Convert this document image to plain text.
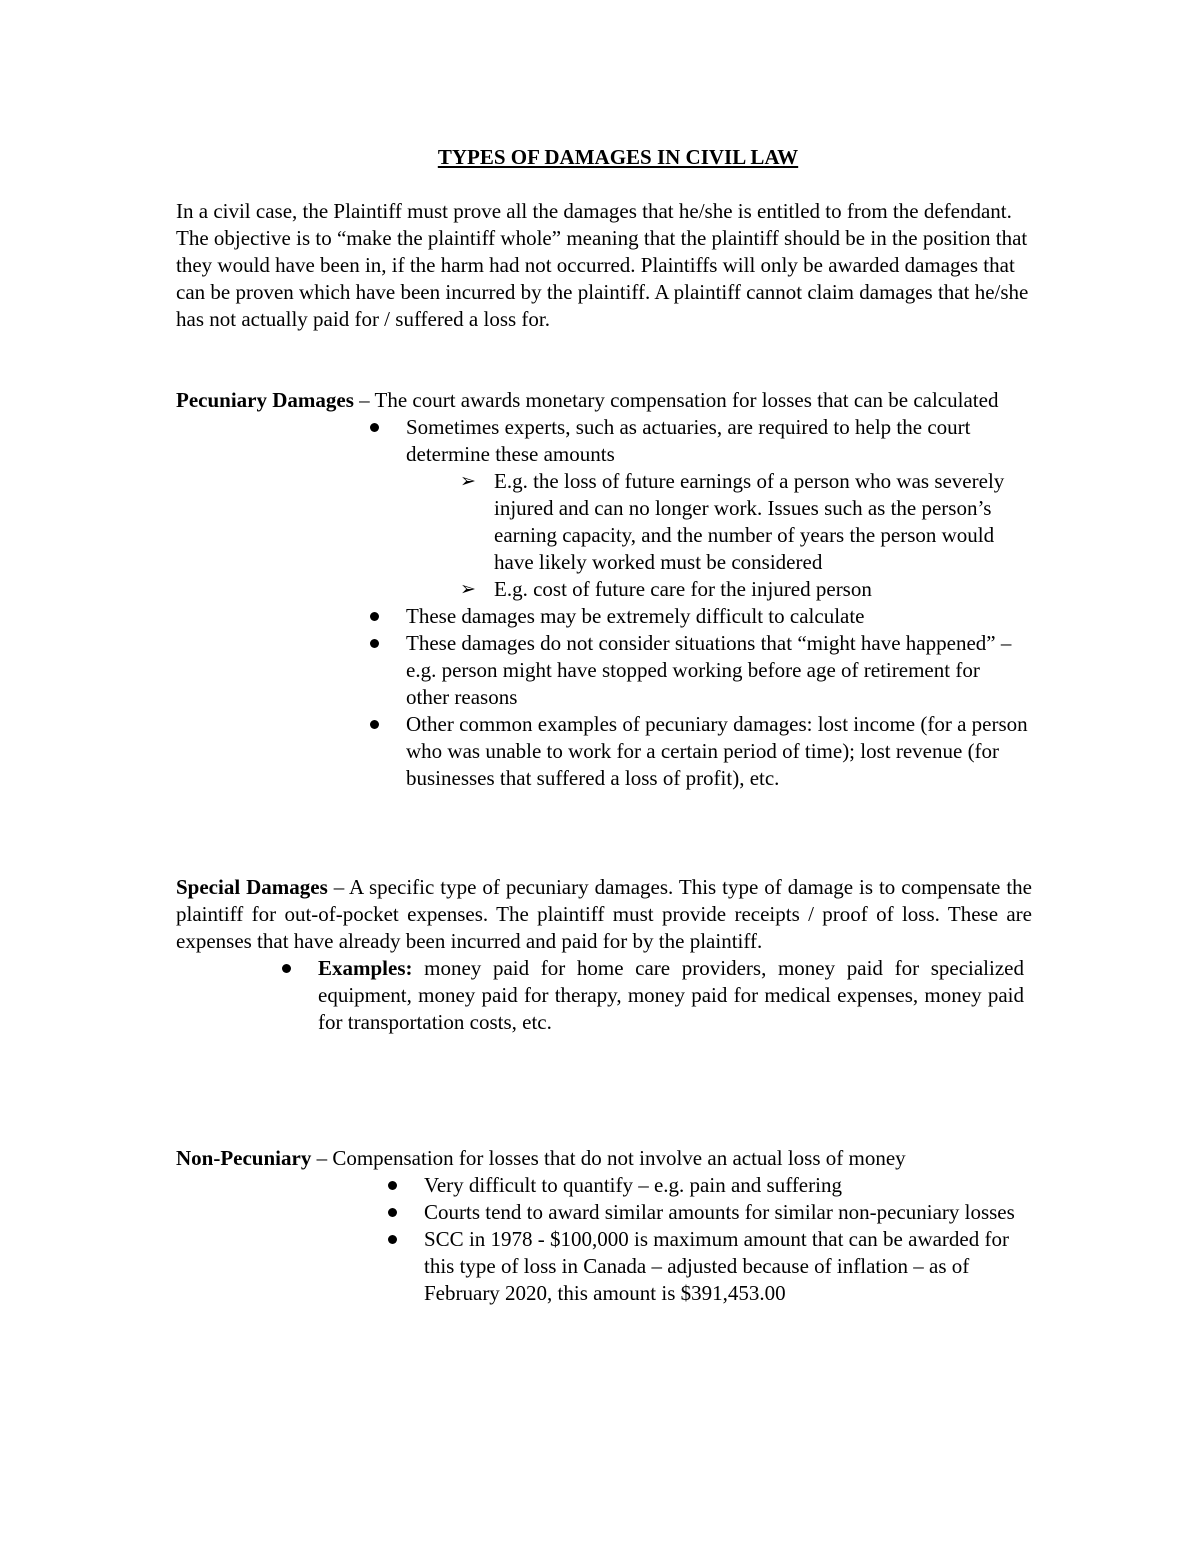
TYPES OF DAMAGES IN CIVIL LAW

In a civil case, the Plaintiff must prove all the damages that he/she is entitled to from the defendant. The objective is to “make the plaintiff whole” meaning that the plaintiff should be in the position that they would have been in, if the harm had not occurred. Plaintiffs will only be awarded damages that can be proven which have been incurred by the plaintiff. A plaintiff cannot claim damages that he/she has not actually paid for / suffered a loss for.

Pecuniary Damages – The court awards monetary compensation for losses that can be calculated

Sometimes experts, such as actuaries, are required to help the court determine these amounts
➢ E.g. the loss of future earnings of a person who was severely injured and can no longer work. Issues such as the person’s earning capacity, and the number of years the person would have likely worked must be considered
➢ E.g. cost of future care for the injured person
These damages may be extremely difficult to calculate
These damages do not consider situations that “might have happened” – e.g. person might have stopped working before age of retirement for other reasons
Other common examples of pecuniary damages: lost income (for a person who was unable to work for a certain period of time); lost revenue (for businesses that suffered a loss of profit), etc.

Special Damages – A specific type of pecuniary damages. This type of damage is to compensate the plaintiff for out-of-pocket expenses. The plaintiff must provide receipts / proof of loss. These are expenses that have already been incurred and paid for by the plaintiff.

Examples: money paid for home care providers, money paid for specialized equipment, money paid for therapy, money paid for medical expenses, money paid for transportation costs, etc.

Non-Pecuniary – Compensation for losses that do not involve an actual loss of money

Very difficult to quantify – e.g. pain and suffering
Courts tend to award similar amounts for similar non-pecuniary losses
SCC in 1978 - $100,000 is maximum amount that can be awarded for this type of loss in Canada – adjusted because of inflation – as of February 2020, this amount is $391,453.00
